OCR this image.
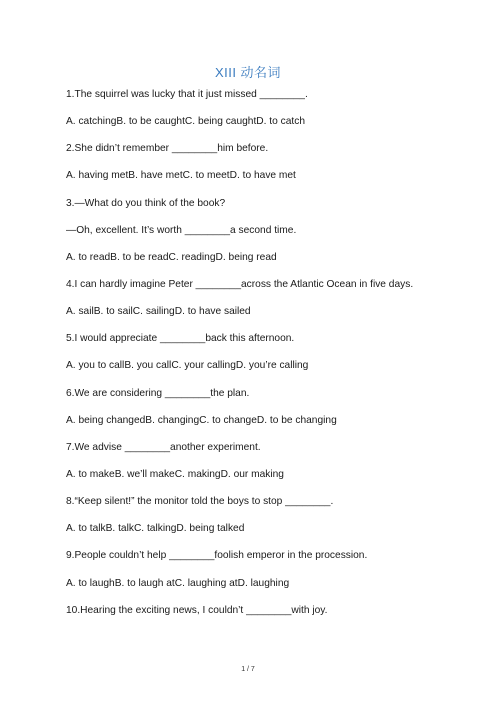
XIII 动名词
1.The squirrel was lucky that it just missed ________.
A. catchingB. to be caughtC. being caughtD. to catch
2.She didn’t remember ________him before.
A. having metB. have metC. to meetD. to have met
3.—What do you think of the book?
—Oh, excellent. It’s worth ________a second time.
A. to readB. to be readC. readingD. being read
4.I can hardly imagine Peter ________across the Atlantic Ocean in five days.
A. sailB. to sailC. sailingD. to have sailed
5.I would appreciate ________back this afternoon.
A. you to callB. you callC. your callingD. you’re calling
6.We are considering ________the plan.
A. being changedB. changingC. to changeD. to be changing
7.We advise ________another experiment.
A. to makeB. we’ll makeC. makingD. our making
8.“Keep silent!” the monitor told the boys to stop ________.
A. to talkB. talkC. talkingD. being talked
9.People couldn’t help ________foolish emperor in the procession.
A. to laughB. to laugh atC. laughing atD. laughing
10.Hearing the exciting news, I couldn’t ________with joy.
1 / 7
